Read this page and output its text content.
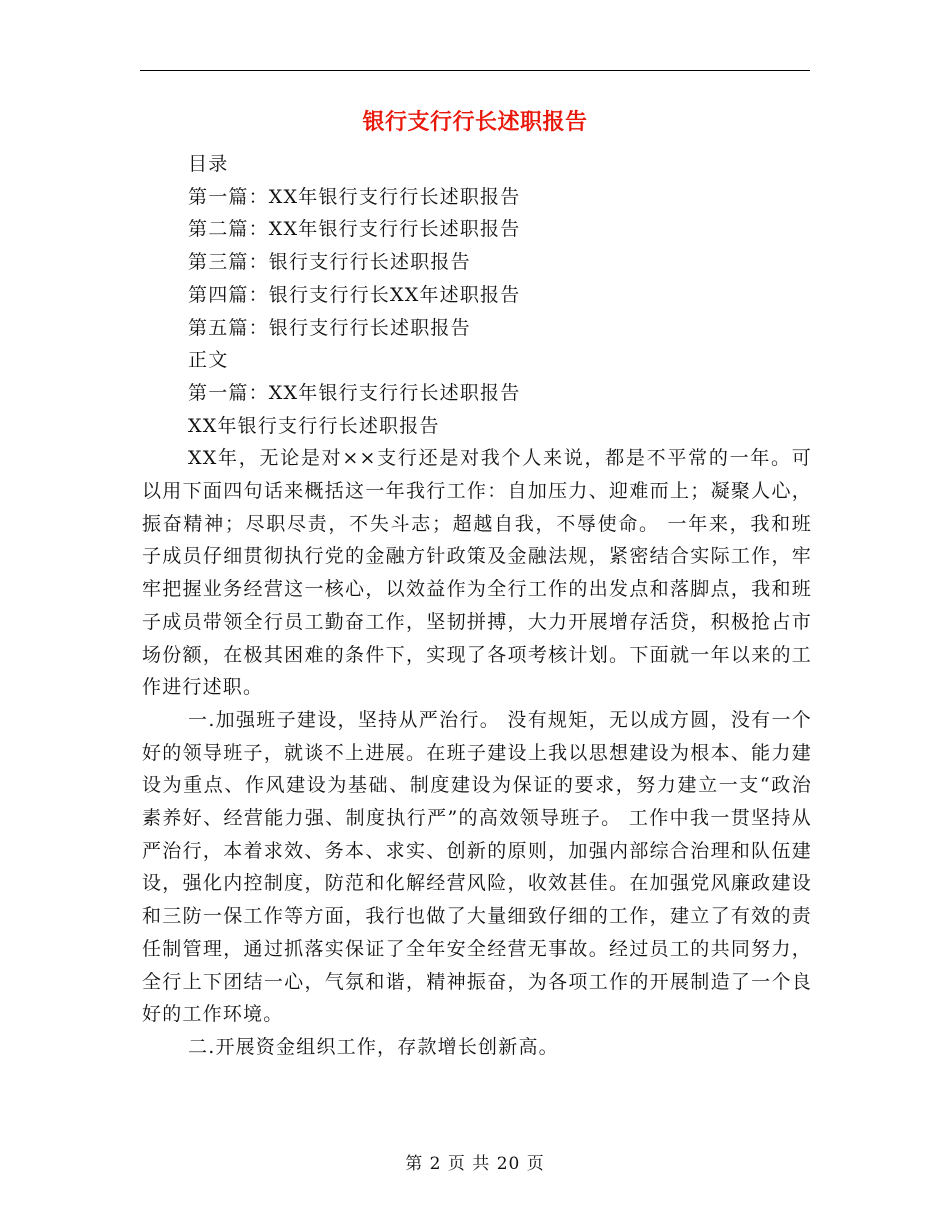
银行支行行长述职报告

目录

第一篇：XX年银行支行行长述职报告

第二篇：XX年银行支行行长述职报告

第三篇：银行支行行长述职报告

第四篇：银行支行行长XX年述职报告

第五篇：银行支行行长述职报告

正文

第一篇：XX年银行支行行长述职报告

XX年银行支行行长述职报告

XX年，无论是对××支行还是对我个人来说，都是不平常的一年。可以用下面四句话来概括这一年我行工作：自加压力、迎难而上；凝聚人心，振奋精神；尽职尽责，不失斗志；超越自我，不辱使命。 一年来，我和班子成员仔细贯彻执行党的金融方针政策及金融法规，紧密结合实际工作，牢牢把握业务经营这一核心，以效益作为全行工作的出发点和落脚点，我和班子成员带领全行员工勤奋工作，坚韧拼搏，大力开展增存活贷，积极抢占市场份额，在极其困难的条件下，实现了各项考核计划。下面就一年以来的工作进行述职。

一.加强班子建设，坚持从严治行。 没有规矩，无以成方圆，没有一个好的领导班子，就谈不上进展。在班子建设上我以思想建设为根本、能力建设为重点、作风建设为基础、制度建设为保证的要求，努力建立一支“政治素养好、经营能力强、制度执行严”的高效领导班子。 工作中我一贯坚持从严治行，本着求效、务本、求实、创新的原则，加强内部综合治理和队伍建设，强化内控制度，防范和化解经营风险，收效甚佳。在加强党风廉政建设和三防一保工作等方面，我行也做了大量细致仔细的工作，建立了有效的责任制管理，通过抓落实保证了全年安全经营无事故。经过员工的共同努力，全行上下团结一心，气氛和谐，精神振奋，为各项工作的开展制造了一个良好的工作环境。

二.开展资金组织工作，存款增长创新高。

第 2 页 共 20 页
